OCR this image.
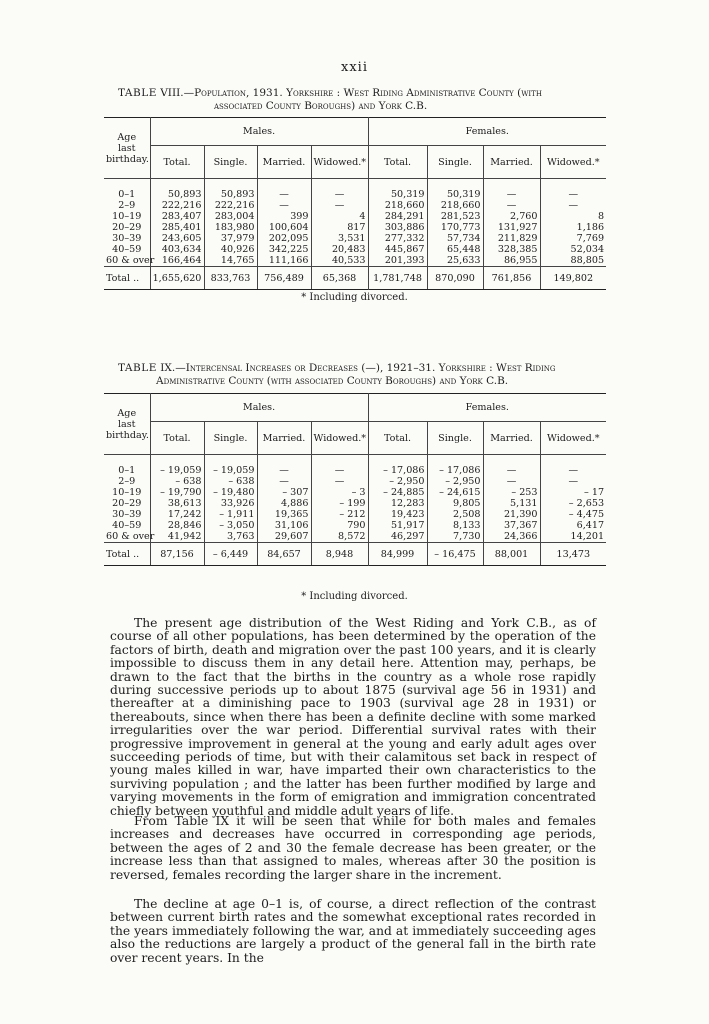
xxii
TABLE VIII.—Population, 1931. Yorkshire : West Riding Administrative County (with
associated County Boroughs) and York C.B.
Age
last
birthday.	Males.				Females.			
	Total.	Single.	Married.	Widowed.*	Total.	Single.	Married.	Widowed.*

0–1	50,893	50,893	—	—	50,319	50,319	—	—
2–9	222,216	222,216	—	—	218,660	218,660	—	—
10–19	283,407	283,004	399	4	284,291	281,523	2,760	8
20–29	285,401	183,980	100,604	817	303,886	170,773	131,927	1,186
30–39	243,605	37,979	202,095	3,531	277,332	57,734	211,829	7,769
40–59	403,634	40,926	342,225	20,483	445,867	65,448	328,385	52,034
60 & over	166,464	14,765	111,166	40,533	201,393	25,633	86,955	88,805
Total ..	1,655,620	833,763	756,489	65,368	1,781,748	870,090	761,856	149,802
* Including divorced.
TABLE IX.—Intercensal Increases or Decreases (—), 1921–31. Yorkshire : West Riding
Administrative County (with associated County Boroughs) and York C.B.
Age
last
birthday.	Males.				Females.			
	Total.	Single.	Married.	Widowed.*	Total.	Single.	Married.	Widowed.*

0–1	– 19,059	– 19,059	—	—	– 17,086	– 17,086	—	—
2–9	– 638	– 638	—	—	– 2,950	– 2,950	—	—
10–19	– 19,790	– 19,480	– 307	– 3	– 24,885	– 24,615	– 253	– 17
20–29	38,613	33,926	4,886	– 199	12,283	9,805	5,131	– 2,653
30–39	17,242	– 1,911	19,365	– 212	19,423	2,508	21,390	– 4,475
40–59	28,846	– 3,050	31,106	790	51,917	8,133	37,367	6,417
60 & over	41,942	3,763	29,607	8,572	46,297	7,730	24,366	14,201
Total ..	87,156	– 6,449	84,657	8,948	84,999	– 16,475	88,001	13,473
* Including divorced.

The present age distribution of the West Riding and York C.B., as of course of all other populations, has been determined by the operation of the factors of birth, death and migration over the past 100 years, and it is clearly impossible to discuss them in any detail here. Attention may, perhaps, be drawn to the fact that the births in the country as a whole rose rapidly during successive periods up to about 1875 (survival age 56 in 1931) and thereafter at a diminishing pace to 1903 (survival age 28 in 1931) or thereabouts, since when there has been a definite decline with some marked irregularities over the war period. Differential survival rates with their progressive improvement in general at the young and early adult ages over succeeding periods of time, but with their calamitous set back in respect of young males killed in war, have imparted their own characteristics to the surviving population ; and the latter has been further modified by large and varying movements in the form of emigration and immigration concentrated chiefly between youthful and middle adult years of life.

From Table IX it will be seen that while for both males and females increases and decreases have occurred in corresponding age periods, between the ages of 2 and 30 the female decrease has been greater, or the increase less than that assigned to males, whereas after 30 the position is reversed, females recording the larger share in the increment.

The decline at age 0–1 is, of course, a direct reflection of the contrast between current birth rates and the somewhat exceptional rates recorded in the years immediately following the war, and at immediately succeeding ages also the reductions are largely a product of the general fall in the birth rate over recent years. In the
